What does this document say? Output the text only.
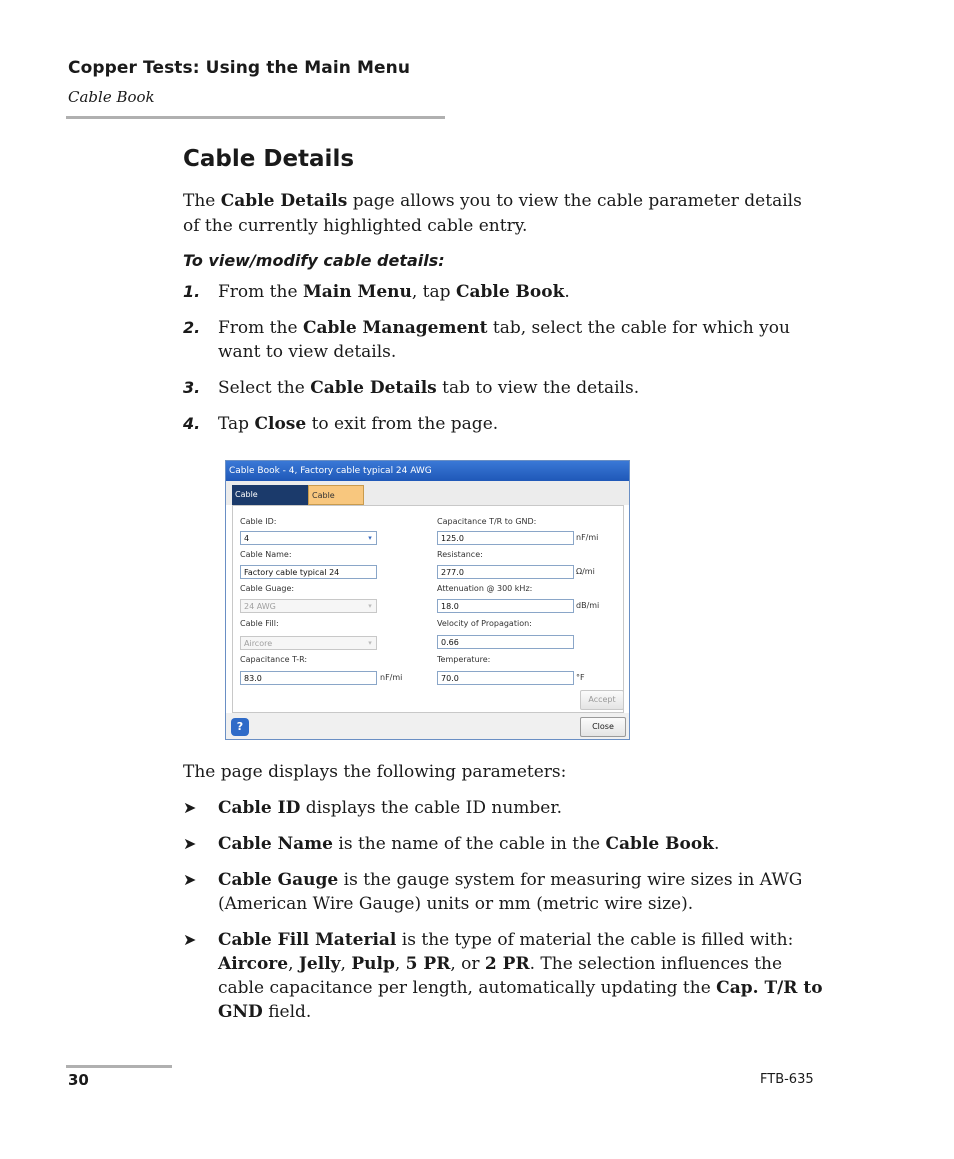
Copper Tests: Using the Main Menu
Cable Book
Cable Details
The Cable Details page allows you to view the cable parameter details of the currently highlighted cable entry.
To view/modify cable details:
1. From the Main Menu, tap Cable Book.
2. From the Cable Management tab, select the cable for which you want to view details.
3. Select the Cable Details tab to view the details.
4. Tap Close to exit from the page.
Cable Book - 4, Factory cable typical 24 AWG
Cable	Cable
Cable ID:
4	▾
Cable Name:
Factory cable typical 24
Cable Guage:
24 AWG	▾
Cable Fill:
Aircore	▾
Capacitance T-R:
83.0	nF/mi
Capacitance T/R to GND:
125.0	nF/mi
Resistance:
277.0	Ω/mi
Attenuation @ 300 kHz:
18.0	dB/mi
Velocity of Propagation:
0.66
Temperature:
70.0	°F
Accept
?	Close
The page displays the following parameters:
➤ Cable ID displays the cable ID number.
➤ Cable Name is the name of the cable in the Cable Book.
➤ Cable Gauge is the gauge system for measuring wire sizes in AWG (American Wire Gauge) units or mm (metric wire size).
➤ Cable Fill Material is the type of material the cable is filled with: Aircore, Jelly, Pulp, 5 PR, or 2 PR. The selection influences the cable capacitance per length, automatically updating the Cap. T/R to GND field.
30	FTB-635
